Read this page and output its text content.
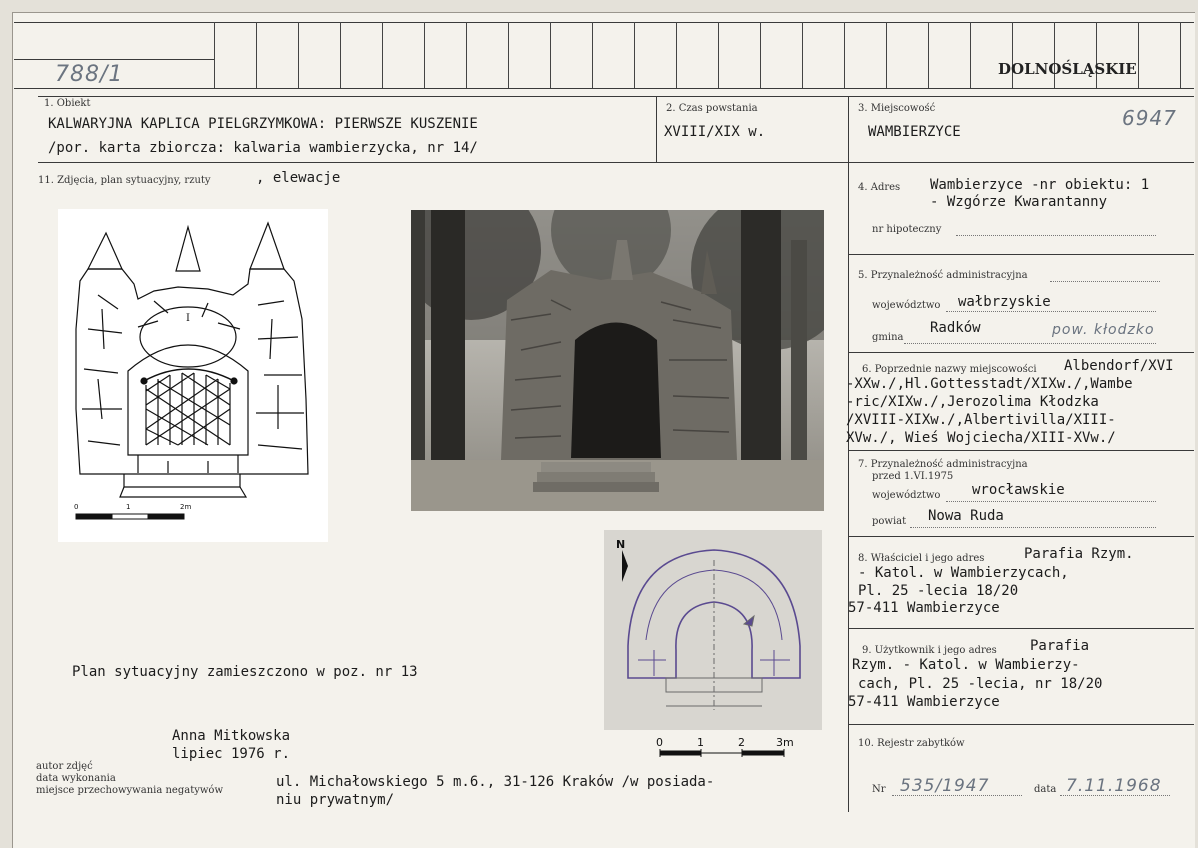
788/1	DOLNOŚLĄSKIE
1. Obiekt
KALWARYJNA KAPLICA PIELGRZYMKOWA: PIERWSZE KUSZENIE
/por. karta zbiorcza: kalwaria wambierzycka, nr 14/
2. Czas powstania
XVIII/XIX w.
3. Miejscowość
WAMBIERZYCE
6947
11. Zdjęcia, plan sytuacyjny, rzuty	, elewacje
4. Adres Wambierzyce -nr obiektu: 1
- Wzgórze Kwarantanny
nr hipoteczny
5. Przynależność administracyjna
województwo wałbrzyskie
gmina
Radków	pow. kłodzko
6. Poprzednie nazwy miejscowości Albendorf/XVI
-XXw./,Hl.Gottesstadt/XIXw./,Wambe
-ric/XIXw./,Jerozolima Kłodzka
/XVIII-XIXw./,Albertivilla/XIII-
XVw./, Wieś Wojciecha/XIII-XVw./
7. Przynależność administracyjna
przed 1.VI.1975
województwo wrocławskie
powiat Nowa Ruda
8. Właściciel i jego adres	Parafia Rzym.
- Katol. w Wambierzycach,
Pl. 25 -lecia 18/20
57-411 Wambierzyce
9. Użytkownik i jego adres Parafia
Rzym. - Katol. w Wambierzy-
cach, Pl. 25 -lecia, nr 18/20
57-411 Wambierzyce
10. Rejestr zabytków
Nr 535/1947	data 7.11.1968
I
0	1	2m
N
0	1	2	3m
Plan sytuacyjny zamieszczono w poz. nr 13
Anna Mitkowska
lipiec 1976 r.
autor zdjęć
data wykonania
miejsce przechowywania negatywów
ul. Michałowskiego 5 m.6., 31-126 Kraków /w posiada-
niu prywatnym/
